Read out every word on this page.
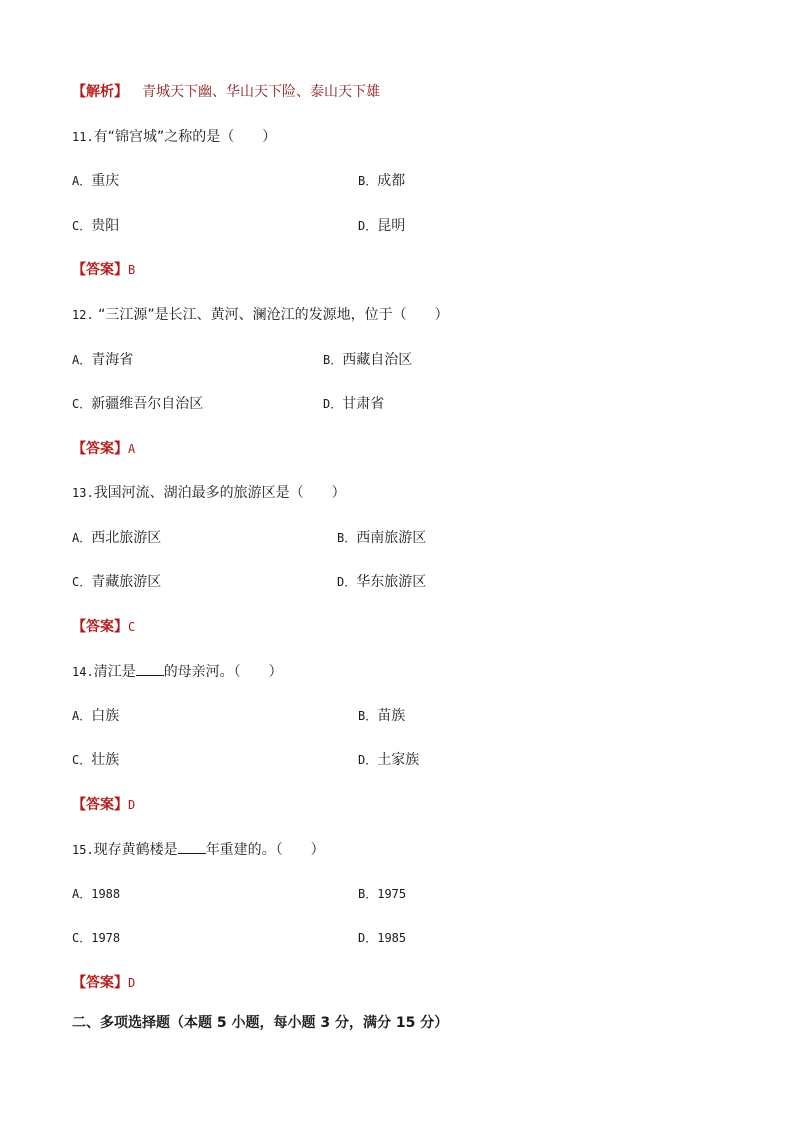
【解析】 青城天下幽、华山天下险、泰山天下雄
11.有“锦宫城”之称的是（　　）
A．重庆	B．成都
C．贵阳	D．昆明
【答案】B
12. “三江源”是长江、黄河、澜沧江的发源地，位于（　　）
A．青海省	B．西藏自治区
C．新疆维吾尔自治区	D．甘肃省
【答案】A
13.我国河流、湖泊最多的旅游区是（　　）
A．西北旅游区	B．西南旅游区
C．青藏旅游区	D．华东旅游区
【答案】C
14.清江是 的母亲河。（　　）
A．白族	B．苗族
C．壮族	D．土家族
【答案】D
15.现存黄鹤楼是 年重建的。（　　）
A．1988	B．1975
C．1978	D．1985
【答案】D
二、多项选择题（本题 5 小题，每小题 3 分，满分 15 分）
